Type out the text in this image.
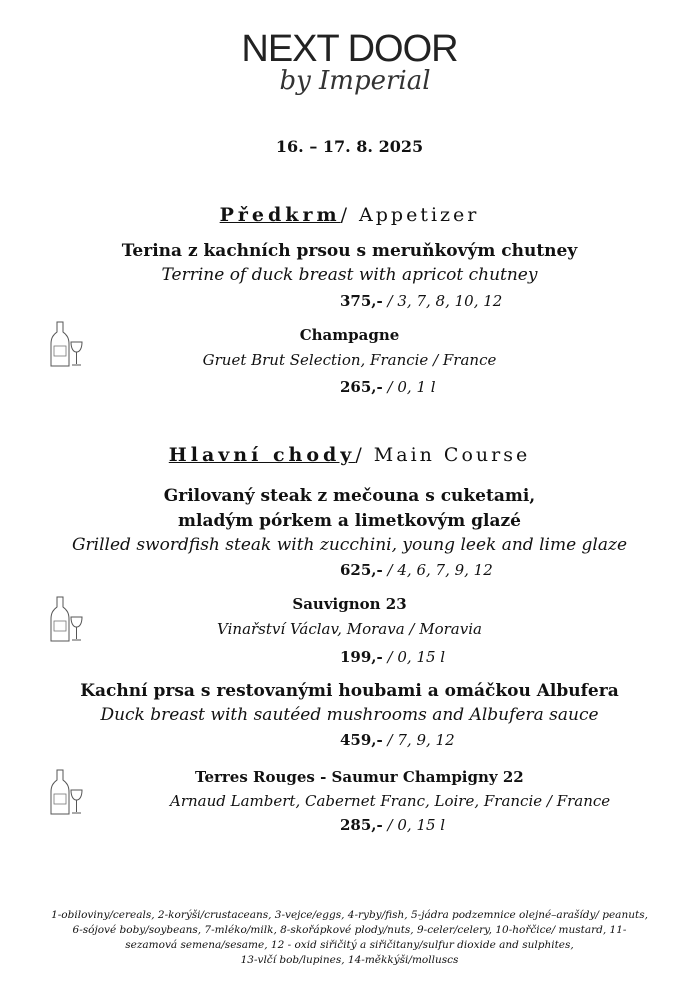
NEXT DOOR
by Imperial
16. – 17. 8. 2025
Předkrm/ Appetizer
Terina z kachních prsou s meruňkovým chutney
Terrine of duck breast with apricot chutney
375,- / 3, 7, 8, 10, 12
Champagne
Gruet Brut Selection, Francie / France
265,- / 0, 1 l
Hlavní chody/ Main Course
Grilovaný steak z mečouna s cuketami,
mladým pórkem a limetkovým glazé
Grilled swordfish steak with zucchini, young leek and lime glaze
625,- / 4, 6, 7, 9, 12
Sauvignon 23
Vinařství Václav, Morava / Moravia
199,- / 0, 15 l
Kachní prsa s restovanými houbami a omáčkou Albufera
Duck breast with sautéed mushrooms and Albufera sauce
459,- / 7, 9, 12
Terres Rouges - Saumur Champigny 22
Arnaud Lambert, Cabernet Franc, Loire, Francie / France
285,- / 0, 15 l
1-obiloviny/cereals, 2-korýši/crustaceans, 3-vejce/eggs, 4-ryby/fish, 5-jádra podzemnice olejné–arašídy/ peanuts,
6-sójové boby/soybeans, 7-mléko/milk, 8-skořápkové plody/nuts, 9-celer/celery, 10-hořčice/ mustard, 11-
sezamová semena/sesame, 12 - oxid siřičitý a siřičitany/sulfur dioxide and sulphites,
13-vlčí bob/lupines, 14-měkkýši/molluscs
